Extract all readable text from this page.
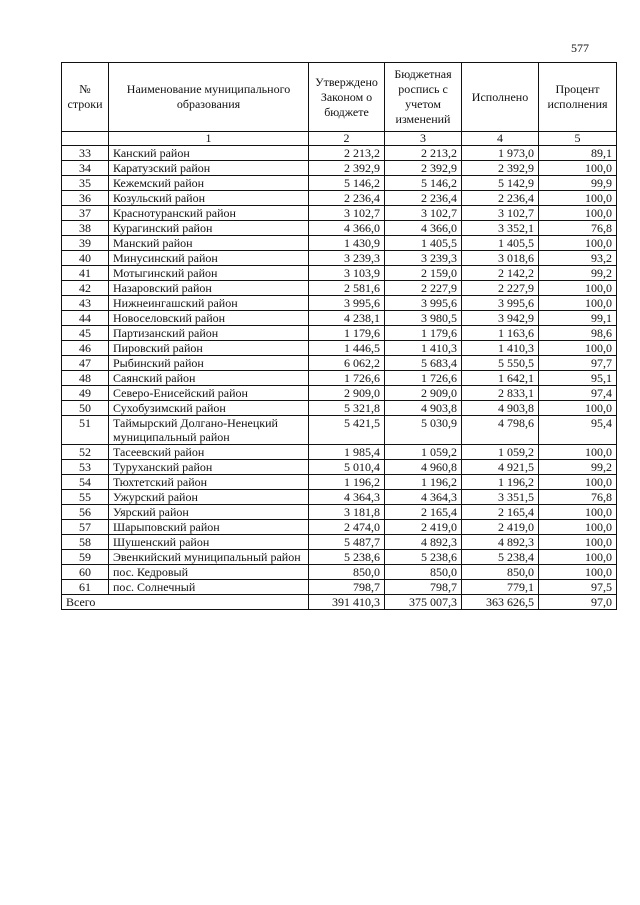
577
№ строки	Наименование муниципального образования	Утверждено Законом о бюджете	Бюджетная роспись с учетом изменений	Исполнено	Процент исполнения
	1	2	3	4	5
33	Канский район	2 213,2	2 213,2	1 973,0	89,1
34	Каратузский район	2 392,9	2 392,9	2 392,9	100,0
35	Кежемский район	5 146,2	5 146,2	5 142,9	99,9
36	Козульский район	2 236,4	2 236,4	2 236,4	100,0
37	Краснотуранский район	3 102,7	3 102,7	3 102,7	100,0
38	Курагинский район	4 366,0	4 366,0	3 352,1	76,8
39	Манский район	1 430,9	1 405,5	1 405,5	100,0
40	Минусинский район	3 239,3	3 239,3	3 018,6	93,2
41	Мотыгинский район	3 103,9	2 159,0	2 142,2	99,2
42	Назаровский район	2 581,6	2 227,9	2 227,9	100,0
43	Нижнеингашский район	3 995,6	3 995,6	3 995,6	100,0
44	Новоселовский район	4 238,1	3 980,5	3 942,9	99,1
45	Партизанский район	1 179,6	1 179,6	1 163,6	98,6
46	Пировский район	1 446,5	1 410,3	1 410,3	100,0
47	Рыбинский район	6 062,2	5 683,4	5 550,5	97,7
48	Саянский район	1 726,6	1 726,6	1 642,1	95,1
49	Северо-Енисейский район	2 909,0	2 909,0	2 833,1	97,4
50	Сухобузимский район	5 321,8	4 903,8	4 903,8	100,0
51	Таймырский Долгано-Ненецкий муниципальный район	5 421,5	5 030,9	4 798,6	95,4
52	Тасеевский район	1 985,4	1 059,2	1 059,2	100,0
53	Туруханский район	5 010,4	4 960,8	4 921,5	99,2
54	Тюхтетский район	1 196,2	1 196,2	1 196,2	100,0
55	Ужурский район	4 364,3	4 364,3	3 351,5	76,8
56	Уярский район	3 181,8	2 165,4	2 165,4	100,0
57	Шарыповский район	2 474,0	2 419,0	2 419,0	100,0
58	Шушенский район	5 487,7	4 892,3	4 892,3	100,0
59	Эвенкийский муниципальный район	5 238,6	5 238,6	5 238,4	100,0
60	пос. Кедровый	850,0	850,0	850,0	100,0
61	пос. Солнечный	798,7	798,7	779,1	97,5
Всего		391 410,3	375 007,3	363 626,5	97,0
